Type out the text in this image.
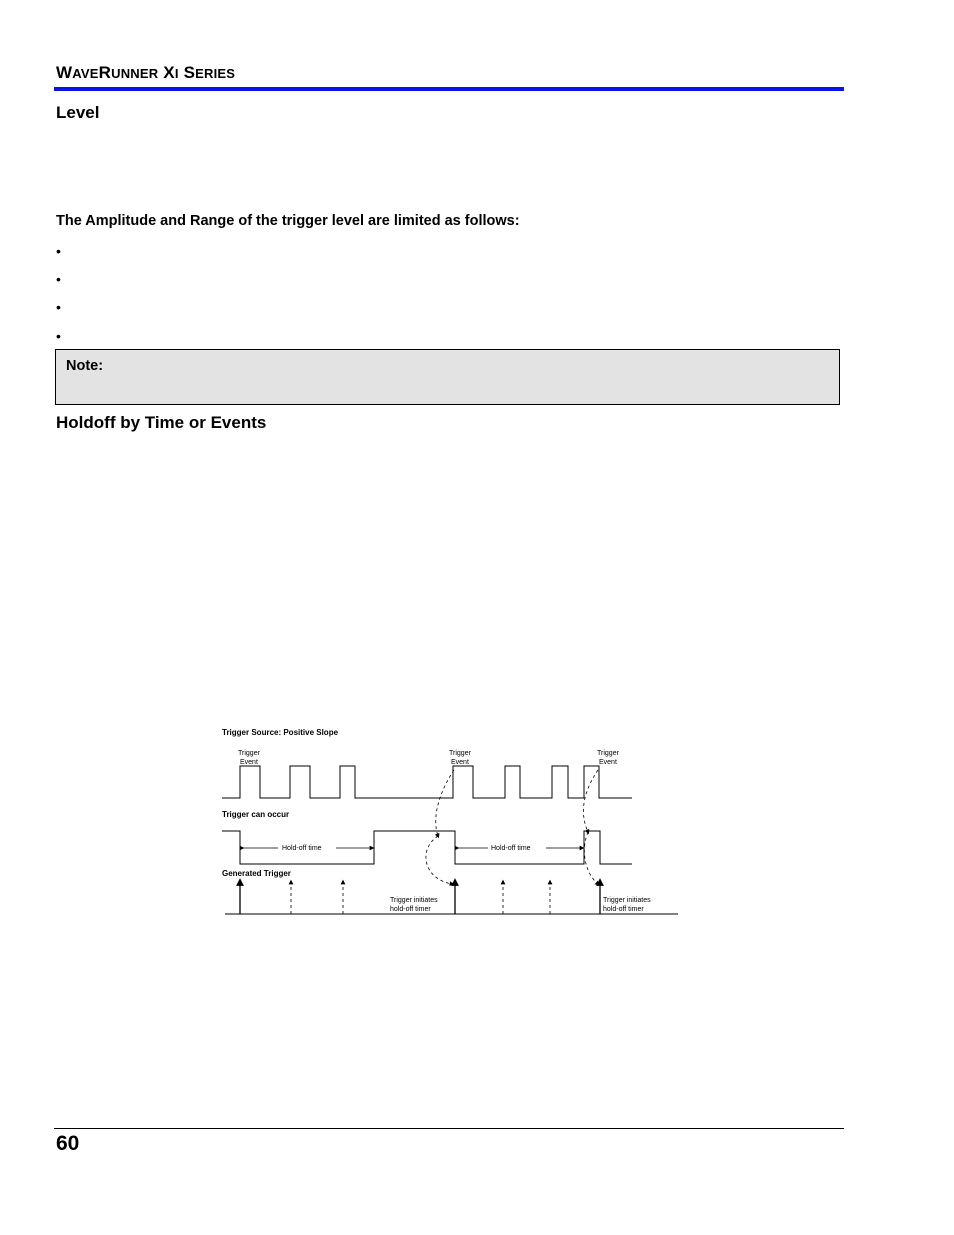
WAVERUNNER XI SERIES
Level
The Amplitude and Range of the trigger level are limited as follows:
•
•
•
•
Note:
Holdoff by Time or Events
Trigger Source: Positive Slope
Trigger
Event
Trigger
Event
Trigger
Event
Trigger can occur
Hold-off time	Hold-off time
Generated Trigger
Trigger initiates
hold-off timer
Trigger initiates
hold-off timer
60
